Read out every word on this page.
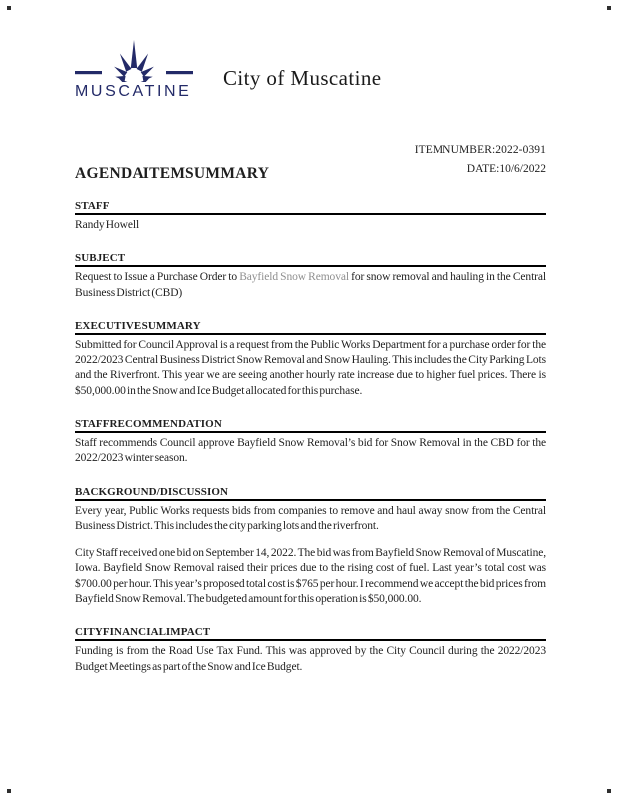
MUSCATINE
City of Muscatine
ITEM NUMBER: 2022-0391
AGENDA ITEM SUMMARY	DATE: 10/6/2022
STAFF

Randy Howell

SUBJECT

Request to Issue a Purchase Order to Bayfield Snow Removal for snow removal and hauling in the Central Business District (CBD)

EXECUTIVE SUMMARY

Submitted for Council Approval is a request from the Public Works Department for a purchase order for the 2022/2023 Central Business District Snow Removal and Snow Hauling. This includes the City Parking Lots and the Riverfront. This year we are seeing another hourly rate increase due to higher fuel prices. There is $50,000.00 in the Snow and Ice Budget allocated for this purchase.

STAFF RECOMMENDATION

Staff recommends Council approve Bayfield Snow Removal’s bid for Snow Removal in the CBD for the 2022/2023 winter season.

BACKGROUND/DISCUSSION

Every year, Public Works requests bids from companies to remove and haul away snow from the Central Business District. This includes the city parking lots and the riverfront.

City Staff received one bid on September 14, 2022. The bid was from Bayfield Snow Removal of Muscatine, Iowa. Bayfield Snow Removal raised their prices due to the rising cost of fuel. Last year’s total cost was $700.00 per hour. This year’s proposed total cost is $765 per hour. I recommend we accept the bid prices from Bayfield Snow Removal. The budgeted amount for this operation is $50,000.00.

CITY FINANCIAL IMPACT

Funding is from the Road Use Tax Fund. This was approved by the City Council during the 2022/2023 Budget Meetings as part of the Snow and Ice Budget.
